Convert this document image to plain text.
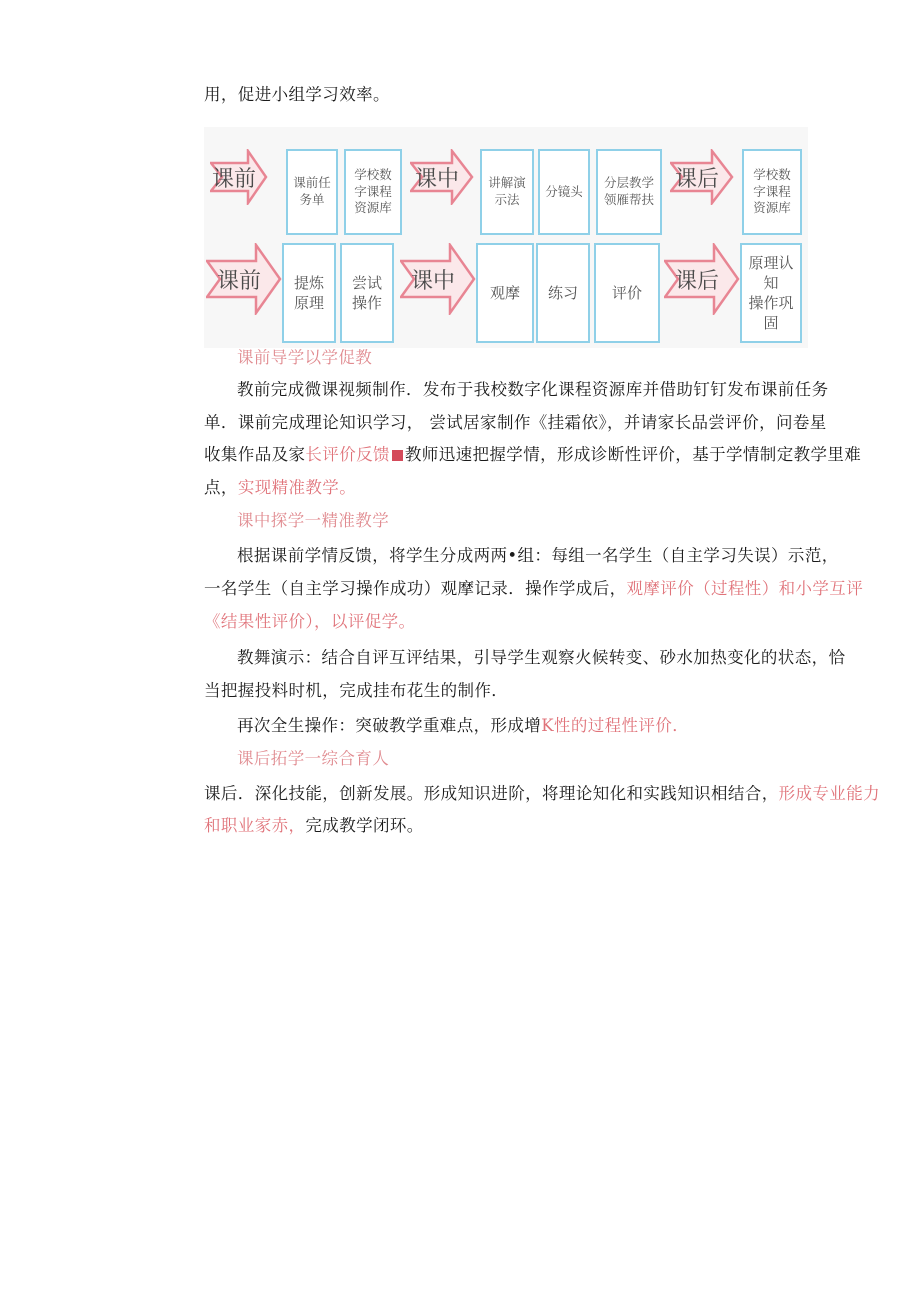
用，促进小组学习效率。
课前	课前任
务单
学校数
字课程
资源库
课中	讲解演
示法
分镜头
分层教学
领雁帮扶
课后	学校数
字课程
资源库
课前	提炼
原理
尝试
操作
课中	观摩	练习	评价	课后
原理认知
操作巩固
课前导学以学促教
教前完成微课视频制作．发布于我校数字化课程资源库并借助钉钉发布课前任务
单．课前完成理论知识学习， 尝试居家制作《挂霜依》，并请家长品尝评价，问卷星
收集作品及家长评价反馈 教师迅速把握学情，形成诊断性评价，基于学情制定教学里难
点，实现精准教学。
课中探学一精准教学
根据课前学情反馈，将学生分成两两•组：每组一名学生（自主学习失误）示范，
一名学生（自主学习操作成功）观摩记录．操作学成后，观摩评价（过程性）和小学互评
《结果性评价），以评促学。
教舞演示：结合自评互评结果，引导学生观察火候转变、砂水加热变化的状态，恰
当把握投料时机，完成挂布花生的制作．
再次全生操作：突破教学重难点，形成增K性的过程性评价．
课后拓学一综合育人
课后．深化技能，创新发展。形成知识进阶，将理论知化和实践知识相结合，形成专业能力
和职业家赤，完成教学闭环。
